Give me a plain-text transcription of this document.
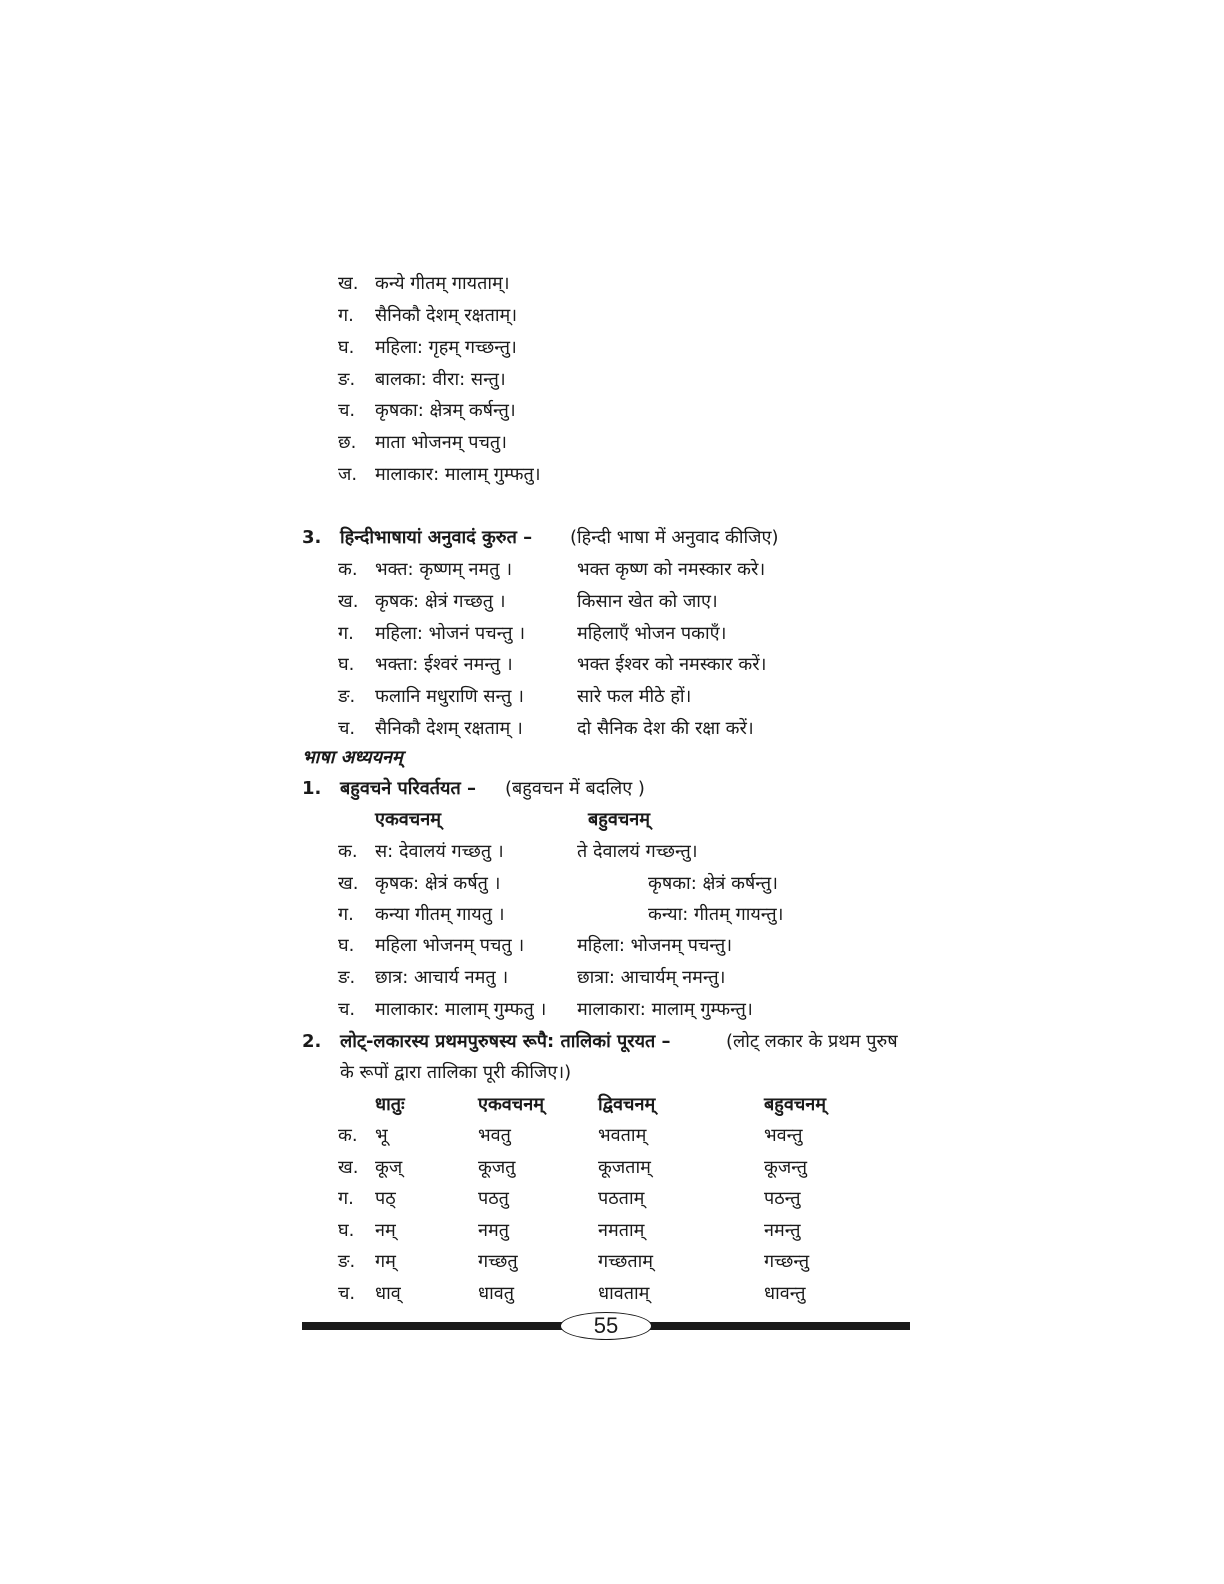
ख. कन्ये गीतम् गायताम्।
ग. सैनिकौ देशम् रक्षताम्।
घ. महिला: गृहम् गच्छन्तु।
ङ. बालका: वीरा: सन्तु।
च. कृषका: क्षेत्रम् कर्षन्तु।
छ. माता भोजनम् पचतु।
ज. मालाकार: मालाम् गुम्फतु।
3. हिन्दीभाषायां अनुवादं कुरुत – (हिन्दी भाषा में अनुवाद कीजिए)
क. भक्त: कृष्णम् नमतु ।	भक्त कृष्ण को नमस्कार करे।
ख. कृषक: क्षेत्रं गच्छतु ।	किसान खेत को जाए।
ग. महिला: भोजनं पचन्तु ।	महिलाएँ भोजन पकाएँ।
घ. भक्ता: ईश्वरं नमन्तु ।	भक्त ईश्वर को नमस्कार करें।
ङ. फलानि मधुराणि सन्तु ।	सारे फल मीठे हों।
च. सैनिकौ देशम् रक्षताम् ।	दो सैनिक देश की रक्षा करें।
भाषा अध्ययनम्
1. बहुवचने परिवर्तयत – (बहुवचन में बदलिए )
एकवचनम्	बहुवचनम्
क. स: देवालयं गच्छतु ।	ते देवालयं गच्छन्तु।
ख. कृषक: क्षेत्रं कर्षतु ।	कृषका: क्षेत्रं कर्षन्तु।
ग. कन्या गीतम् गायतु ।	कन्या: गीतम् गायन्तु।
घ. महिला भोजनम् पचतु ।	महिला: भोजनम् पचन्तु।
ङ. छात्र: आचार्य नमतु ।	छात्रा: आचार्यम् नमन्तु।
च. मालाकार: मालाम् गुम्फतु । मालाकारा: मालाम् गुम्फन्तु।
2. लोट्-लकारस्य प्रथमपुरुषस्य रूपै: तालिकां पूरयत –	(लोट् लकार के प्रथम पुरुष
के रूपों द्वारा तालिका पूरी कीजिए।)
धातुः	एकवचनम्	द्विवचनम्	बहुवचनम्
क. भू	भवतु	भवताम्	भवन्तु
ख. कूज्	कूजतु	कूजताम्	कूजन्तु
ग. पठ्	पठतु	पठताम्	पठन्तु
घ. नम्	नमतु	नमताम्	नमन्तु
ङ. गम्	गच्छतु	गच्छताम्	गच्छन्तु
च. धाव्	धावतु	धावताम्	धावन्तु
55
